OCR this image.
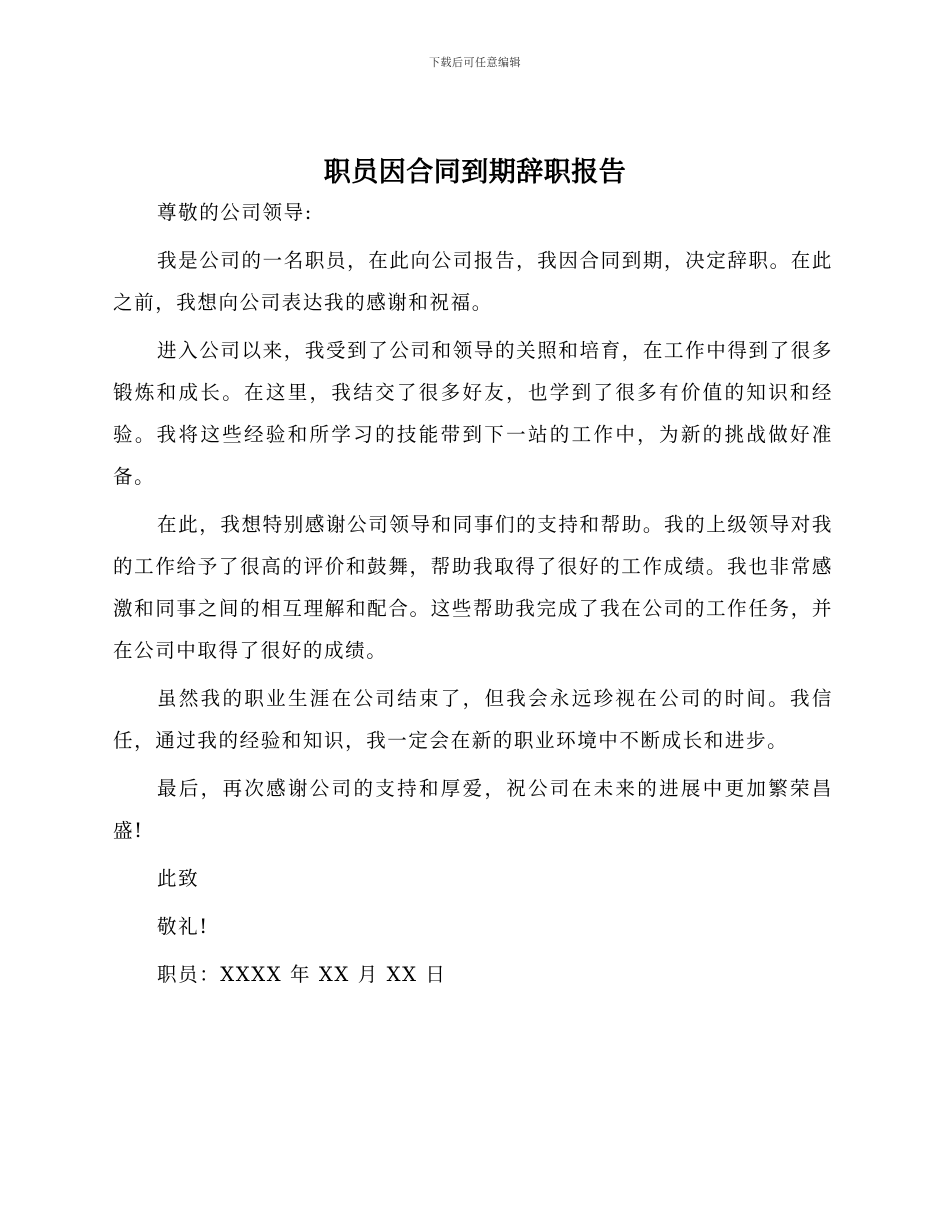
下载后可任意编辑
职员因合同到期辞职报告

尊敬的公司领导:

我是公司的一名职员，在此向公司报告，我因合同到期，决定辞职。在此之前，我想向公司表达我的感谢和祝福。

进入公司以来，我受到了公司和领导的关照和培育，在工作中得到了很多锻炼和成长。在这里，我结交了很多好友，也学到了很多有价值的知识和经验。我将这些经验和所学习的技能带到下一站的工作中，为新的挑战做好准备。

在此，我想特别感谢公司领导和同事们的支持和帮助。我的上级领导对我的工作给予了很高的评价和鼓舞，帮助我取得了很好的工作成绩。我也非常感激和同事之间的相互理解和配合。这些帮助我完成了我在公司的工作任务，并在公司中取得了很好的成绩。

虽然我的职业生涯在公司结束了，但我会永远珍视在公司的时间。我信任，通过我的经验和知识，我一定会在新的职业环境中不断成长和进步。

最后，再次感谢公司的支持和厚爱，祝公司在未来的进展中更加繁荣昌盛!

此致

敬礼!

职员：XXXX 年 XX 月 XX 日
